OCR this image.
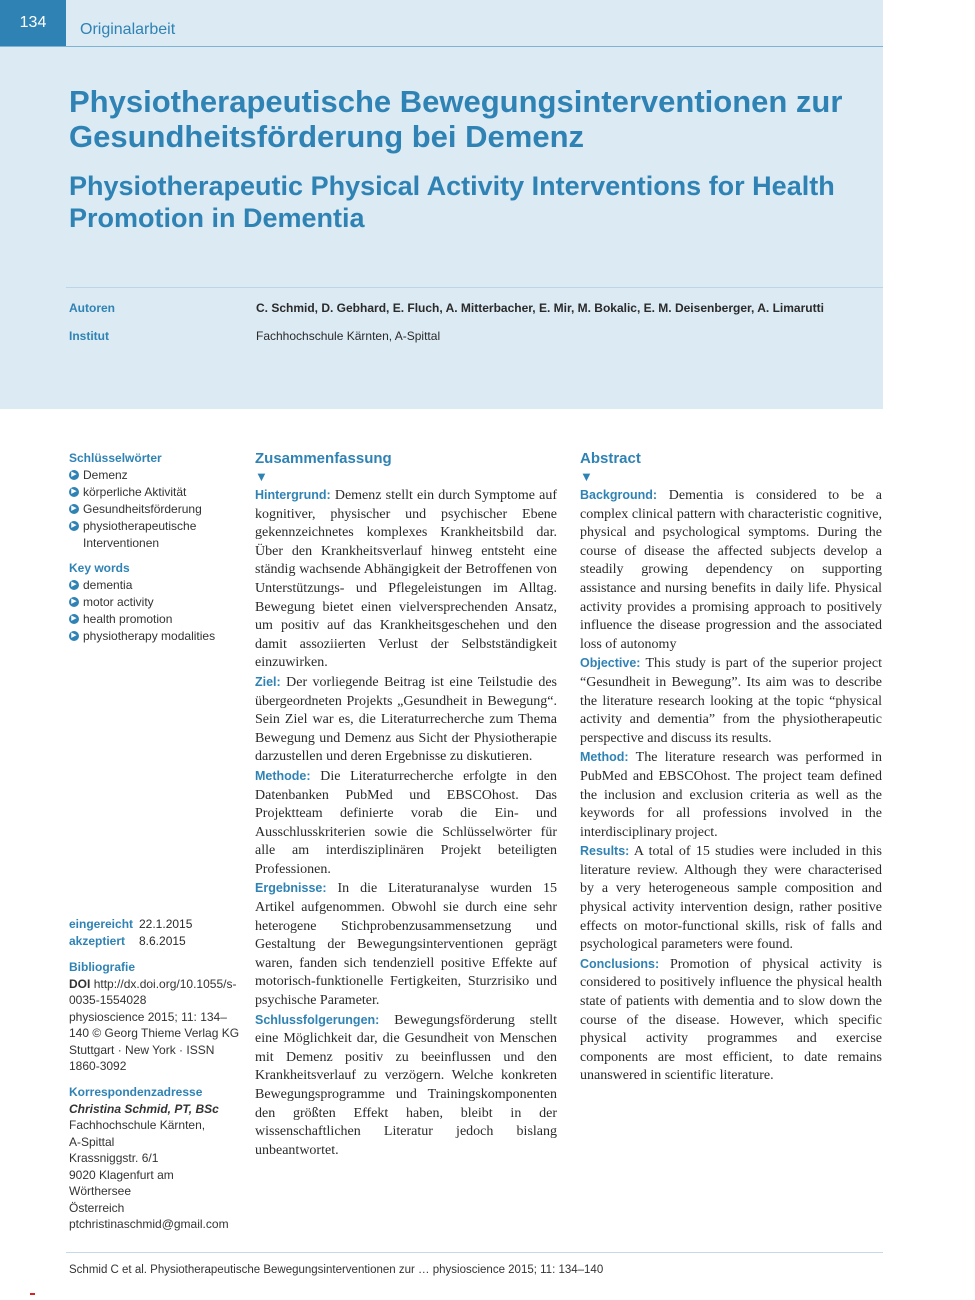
134	Originalarbeit
Physiotherapeutische Bewegungsinterventionen zur Gesundheitsförderung bei Demenz
Physiotherapeutic Physical Activity Interventions for Health Promotion in Dementia
Autoren	C. Schmid, D. Gebhard, E. Fluch, A. Mitterbacher, E. Mir, M. Bokalic, E. M. Deisenberger, A. Limarutti
Institut	Fachhochschule Kärnten, A-Spittal
Schlüsselwörter
▶ Demenz
▶ körperliche Aktivität
▶ Gesundheitsförderung
▶ physiotherapeutische Interventionen
Key words
▶ dementia
▶ motor activity
▶ health promotion
▶ physiotherapy modalities
eingereicht 22.1.2015
akzeptiert 8.6.2015
Bibliografie
DOI http://dx.doi.org/10.1055/s-0035-1554028
physioscience 2015; 11: 134–140 © Georg Thieme Verlag KG Stuttgart · New York · ISSN 1860-3092
Korrespondenzadresse
Christina Schmid, PT, BSc
Fachhochschule Kärnten,
A-Spittal
Krassniggstr. 6/1
9020 Klagenfurt am
Wörthersee
Österreich
ptchristinaschmid@gmail.com
Zusammenfassung
▼

Hintergrund: Demenz stellt ein durch Symptome auf kognitiver, physischer und psychischer Ebene gekennzeichnetes komplexes Krankheitsbild dar. Über den Krankheitsverlauf hinweg entsteht eine ständig wachsende Abhängigkeit der Betroffenen von Unterstützungs- und Pflegeleistungen im Alltag. Bewegung bietet einen vielversprechenden Ansatz, um positiv auf das Krankheitsgeschehen und den damit assoziierten Verlust der Selbstständigkeit einzuwirken.

Ziel: Der vorliegende Beitrag ist eine Teilstudie des übergeordneten Projekts „Gesundheit in Bewegung“. Sein Ziel war es, die Literaturrecherche zum Thema Bewegung und Demenz aus Sicht der Physiotherapie darzustellen und deren Ergebnisse zu diskutieren.

Methode: Die Literaturrecherche erfolgte in den Datenbanken PubMed und EBSCOhost. Das Projektteam definierte vorab die Ein- und Ausschlusskriterien sowie die Schlüsselwörter für alle am interdisziplinären Projekt beteiligten Professionen.

Ergebnisse: In die Literaturanalyse wurden 15 Artikel aufgenommen. Obwohl sie durch eine sehr heterogene Stichprobenzusammensetzung und Gestaltung der Bewegungsinterventionen geprägt waren, fanden sich tendenziell positive Effekte auf motorisch-funktionelle Fertigkeiten, Sturzrisiko und psychische Parameter.

Schlussfolgerungen: Bewegungsförderung stellt eine Möglichkeit dar, die Gesundheit von Menschen mit Demenz positiv zu beeinflussen und den Krankheitsverlauf zu verzögern. Welche konkreten Bewegungsprogramme und Trainingskomponenten den größten Effekt haben, bleibt in der wissenschaftlichen Literatur jedoch bislang unbeantwortet.

Abstract
▼

Background: Dementia is considered to be a complex clinical pattern with characteristic cognitive, physical and psychological symptoms. During the course of disease the affected subjects develop a steadily growing dependency on supporting assistance and nursing benefits in daily life. Physical activity provides a promising approach to positively influence the disease progression and the associated loss of autonomy

Objective: This study is part of the superior project “Gesundheit in Bewegung”. Its aim was to describe the literature research looking at the topic “physical activity and dementia” from the physiotherapeutic perspective and discuss its results.

Method: The literature research was performed in PubMed and EBSCOhost. The project team defined the inclusion and exclusion criteria as well as the keywords for all professions involved in the interdisciplinary project.

Results: A total of 15 studies were included in this literature review. Although they were characterised by a very heterogeneous sample composition and physical activity intervention design, rather positive effects on motor-functional skills, risk of falls and psychological parameters were found.

Conclusions: Promotion of physical activity is considered to positively influence the physical health state of patients with dementia and to slow down the course of the disease. However, which specific physical activity programmes and exercise components are most efficient, to date remains unanswered in scientific literature.

Schmid C et al. Physiotherapeutische Bewegungsinterventionen zur … physioscience 2015; 11: 134–140
